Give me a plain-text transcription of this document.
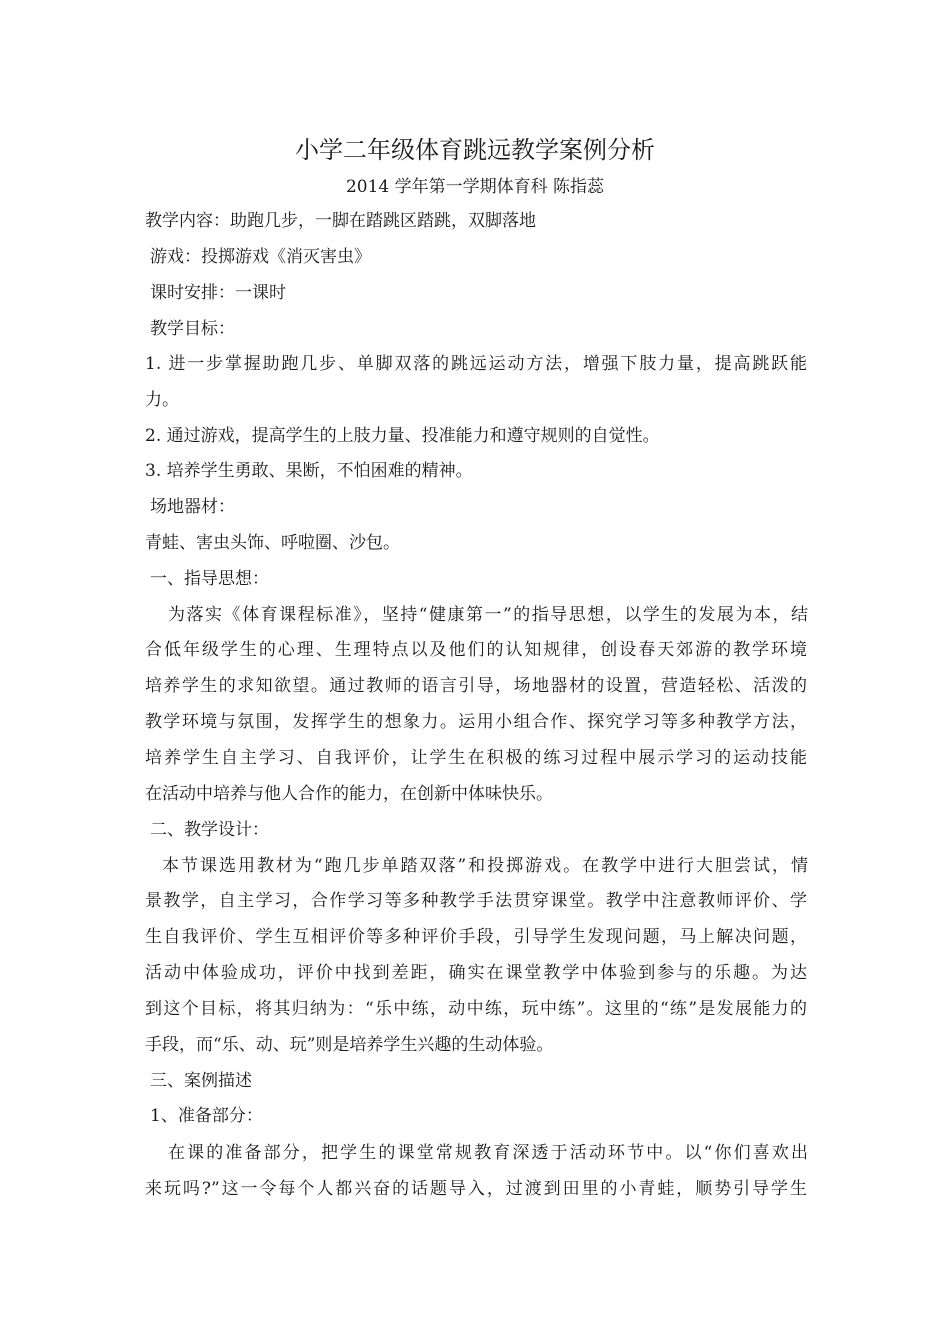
小学二年级体育跳远教学案例分析
2014 学年第一学期体育科 陈指蕊
教学内容：助跑几步，一脚在踏跳区踏跳，双脚落地
游戏：投掷游戏《消灭害虫》
课时安排：一课时
教学目标：
1. 进一步掌握助跑几步、单脚双落的跳远运动方法，增强下肢力量，提高跳跃能
力。
2. 通过游戏，提高学生的上肢力量、投准能力和遵守规则的自觉性。
3. 培养学生勇敢、果断，不怕困难的精神。
场地器材：
青蛙、害虫头饰、呼啦圈、沙包。
一、指导思想：
为落实《体育课程标准》，坚持“健康第一”的指导思想，以学生的发展为本，结
合低年级学生的心理、生理特点以及他们的认知规律，创设春天郊游的教学环境
培养学生的求知欲望。通过教师的语言引导，场地器材的设置，营造轻松、活泼的
教学环境与氛围，发挥学生的想象力。运用小组合作、探究学习等多种教学方法，
培养学生自主学习、自我评价，让学生在积极的练习过程中展示学习的运动技能
在活动中培养与他人合作的能力，在创新中体味快乐。
二、教学设计：
本节课选用教材为“跑几步单踏双落”和投掷游戏。在教学中进行大胆尝试，情
景教学，自主学习，合作学习等多种教学手法贯穿课堂。教学中注意教师评价、学
生自我评价、学生互相评价等多种评价手段，引导学生发现问题，马上解决问题，
活动中体验成功，评价中找到差距，确实在课堂教学中体验到参与的乐趣。为达
到这个目标，将其归纳为：“乐中练，动中练，玩中练”。这里的“练”是发展能力的
手段，而“乐、动、玩”则是培养学生兴趣的生动体验。
三、案例描述
1、准备部分：
在课的准备部分，把学生的课堂常规教育深透于活动环节中。以“你们喜欢出
来玩吗?”这一令每个人都兴奋的话题导入，过渡到田里的小青蛙，顺势引导学生
